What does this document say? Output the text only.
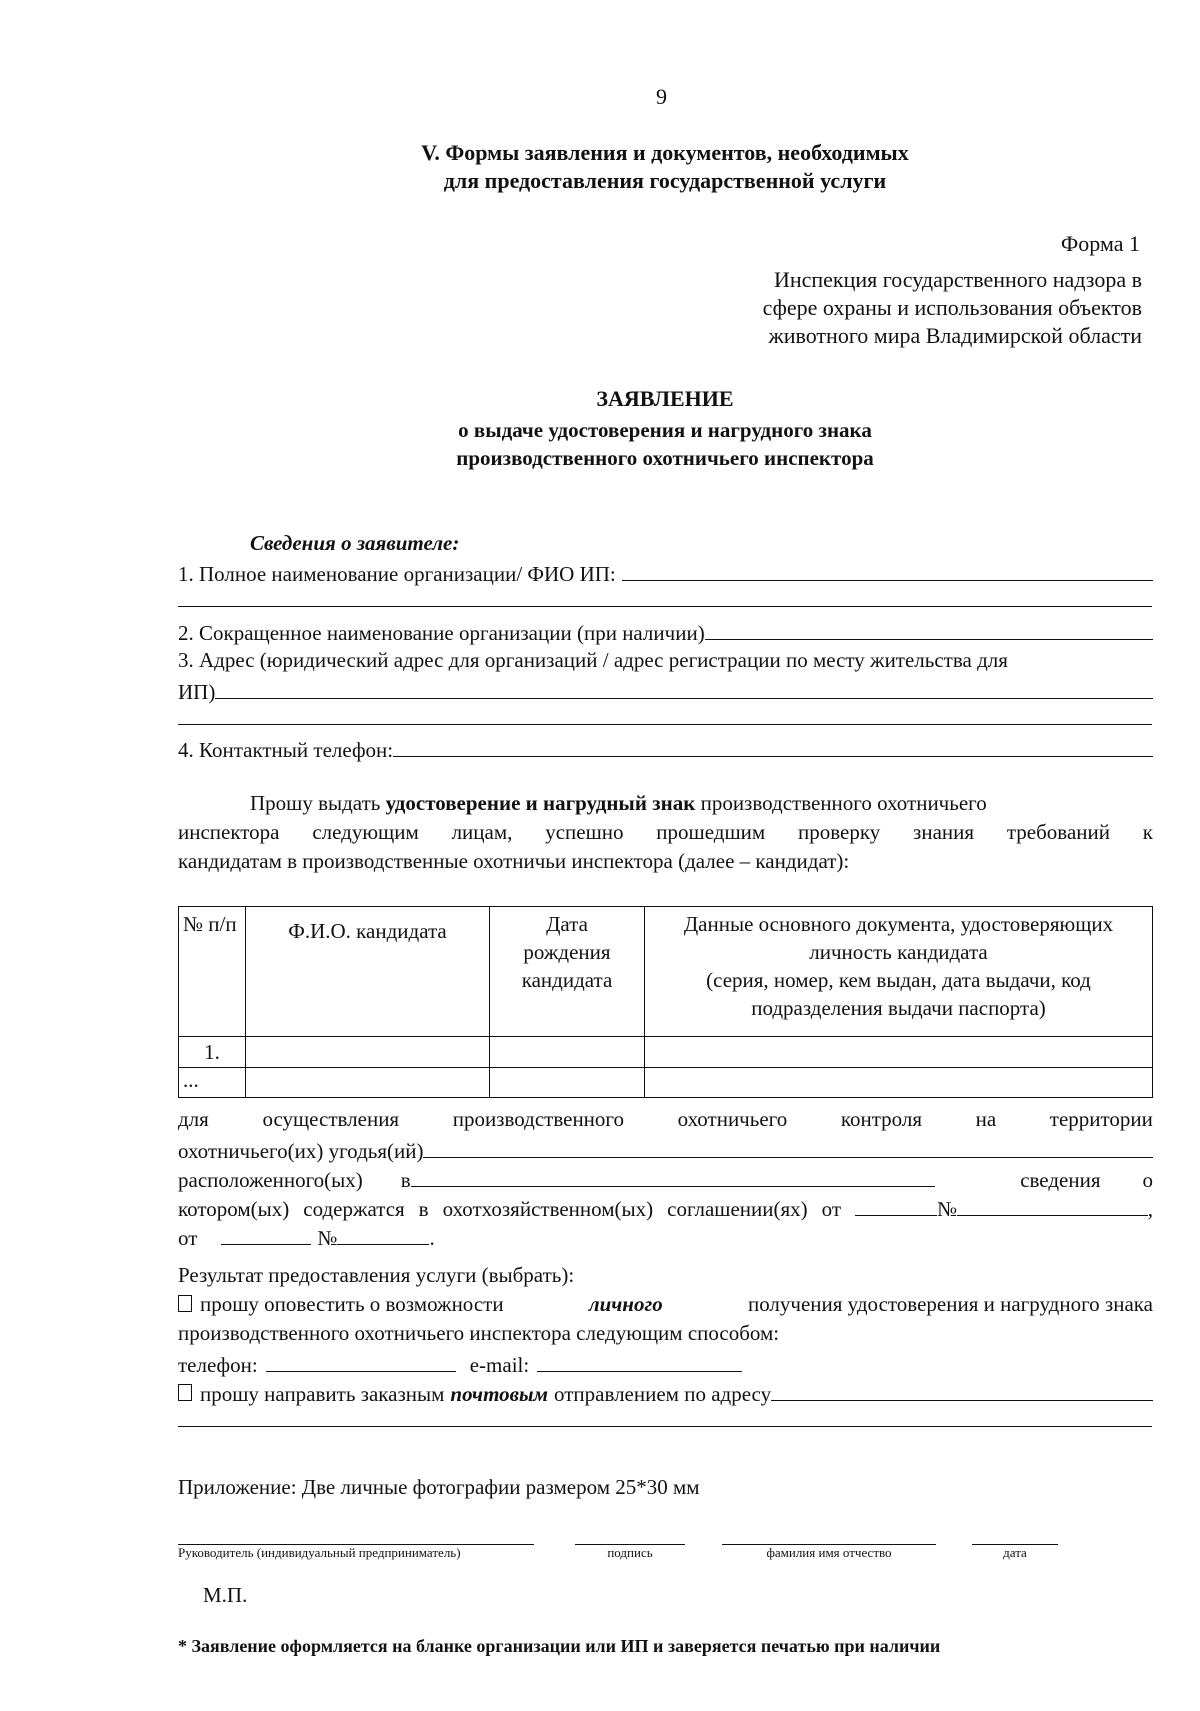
9
V. Формы заявления и документов, необходимых
для предоставления государственной услуги
Форма 1
Инспекция государственного надзора в
сфере охраны и использования объектов
животного мира Владимирской области
ЗАЯВЛЕНИЕ
о выдаче удостоверения и нагрудного знака
производственного охотничьего инспектора
Сведения о заявителе:
1. Полное наименование организации/ ФИО ИП:
2. Сокращенное наименование организации (при наличии)
3. Адрес (юридический адрес для организаций / адрес регистрации по месту жительства для
ИП)
4. Контактный телефон:
Прошу выдать удостоверение и нагрудный знак производственного охотничьего
инспектора следующим лицам, успешно прошедшим проверку знания требований к
кандидатам в производственные охотничьи инспектора (далее – кандидат):
№ п/п	Ф.И.О. кандидата	Дата рождения кандидата	Данные основного документа, удостоверяющих
личность кандидата
(серия, номер, кем выдан, дата выдачи, код
подразделения выдачи паспорта)

1.			
...			
для	осуществления	производственного	охотничьего	контроля	на	территории
охотничьего(их) угодья(ий)
расположенного(ых) в	сведения о
котором(ых) содержатся в охотхозяйственном(ых) соглашении(ях) от	№	,
от	№	.
Результат предоставления услуги (выбрать):
прошу оповестить о возможности	личного	получения удостоверения и нагрудного знака
производственного охотничьего инспектора следующим способом:
телефон:	e-mail:
прошу направить заказным почтовым отправлением по адресу
Приложение: Две личные фотографии размером 25*30 мм
Руководитель (индивидуальный предприниматель)	подпись	фамилия имя отчество	дата
М.П.
* Заявление оформляется на бланке организации или ИП и заверяется печатью при наличии
